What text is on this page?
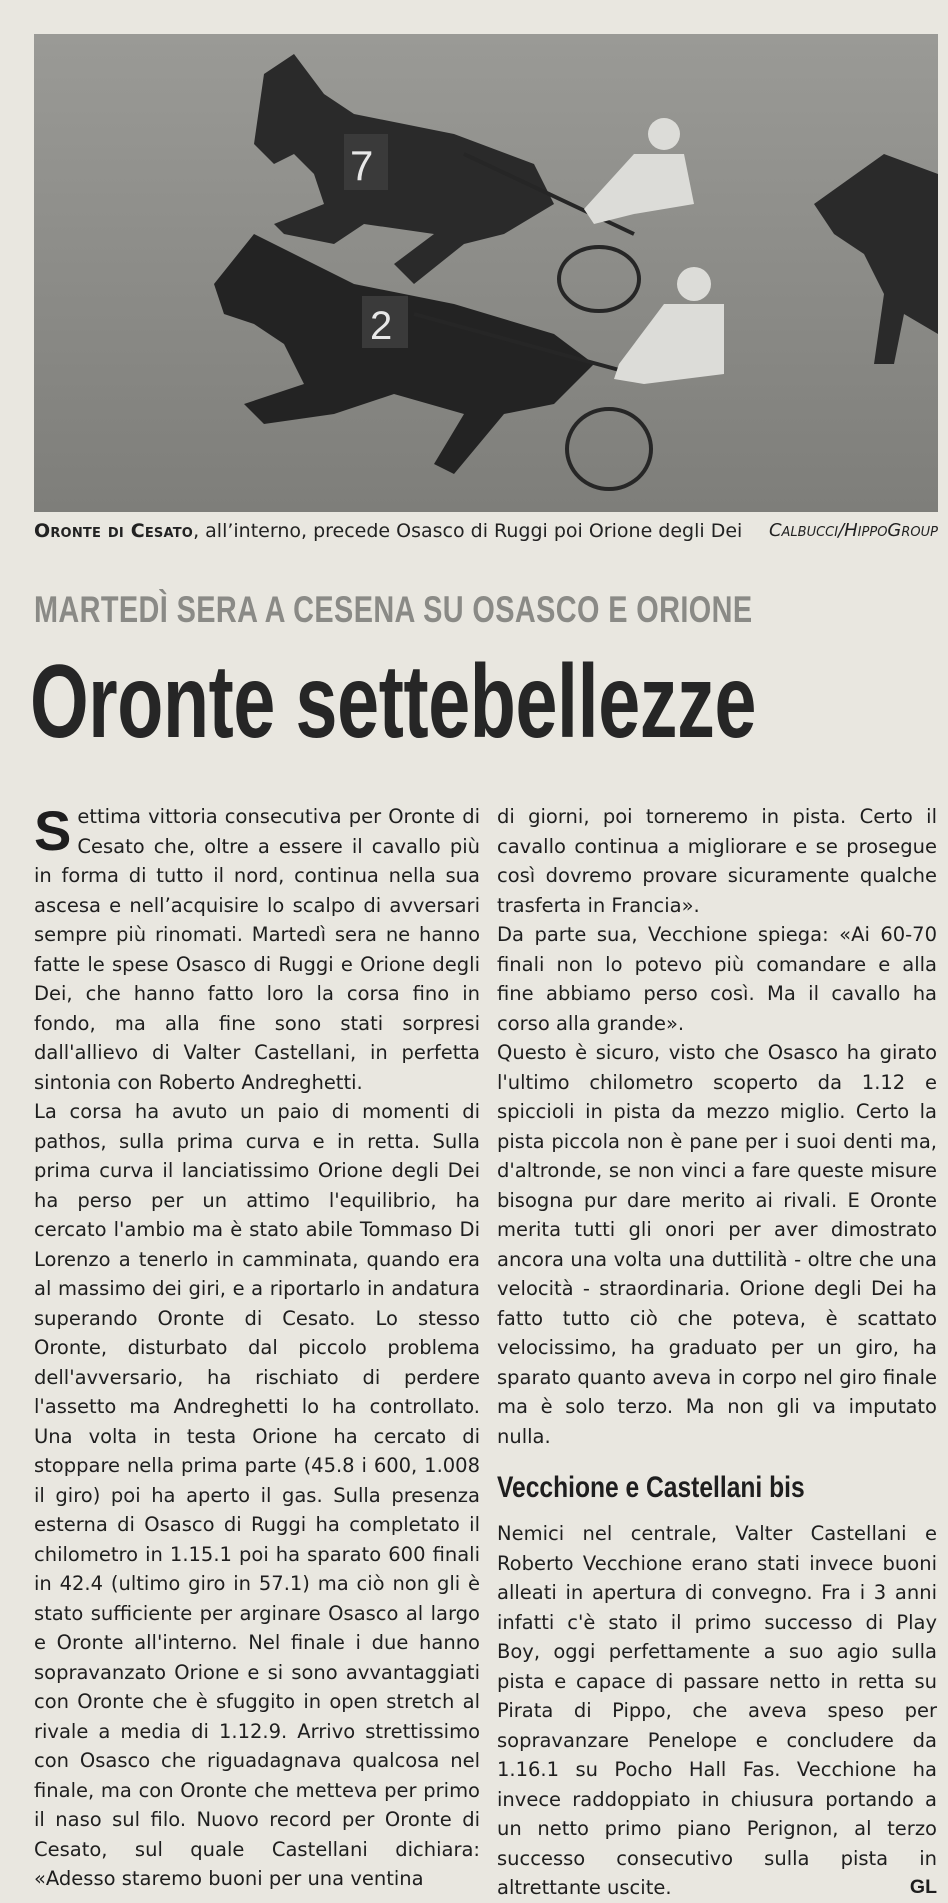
7
2
Oronte di Cesato, all’interno, precede Osasco di Ruggi poi Orione degli Dei Calbucci/HippoGroup
MARTEDÌ SERA A CESENA SU OSASCO E ORIONE
Oronte settebellezze

Settima vittoria consecutiva per Oronte di Cesato che, oltre a essere il cavallo più in forma di tutto il nord, continua nella sua ascesa e nell’acquisire lo scalpo di avversari sempre più rinomati. Martedì sera ne hanno fatte le spese Osasco di Ruggi e Orione degli Dei, che hanno fatto loro la corsa fino in fondo, ma alla fine sono stati sorpresi dall'allievo di Valter Castellani, in perfetta sintonia con Roberto Andreghetti.

La corsa ha avuto un paio di momenti di pathos, sulla prima curva e in retta. Sulla prima curva il lanciatissimo Orione degli Dei ha perso per un attimo l'equilibrio, ha cercato l'ambio ma è stato abile Tommaso Di Lorenzo a tenerlo in camminata, quando era al massimo dei giri, e a riportarlo in andatura superando Oronte di Cesato. Lo stesso Oronte, disturbato dal piccolo problema dell'avversario, ha rischiato di perdere l'assetto ma Andreghetti lo ha controllato. Una volta in testa Orione ha cercato di stoppare nella prima parte (45.8 i 600, 1.008 il giro) poi ha aperto il gas. Sulla presenza esterna di Osasco di Ruggi ha completato il chilometro in 1.15.1 poi ha sparato 600 finali in 42.4 (ultimo giro in 57.1) ma ciò non gli è stato sufficiente per arginare Osasco al largo e Oronte all'interno. Nel finale i due hanno sopravanzato Orione e si sono avvantaggiati con Oronte che è sfuggito in open stretch al rivale a media di 1.12.9. Arrivo strettissimo con Osasco che riguadagnava qualcosa nel finale, ma con Oronte che metteva per primo il naso sul filo. Nuovo record per Oronte di Cesato, sul quale Castellani dichiara: «Adesso staremo buoni per una ventina

di giorni, poi torneremo in pista. Certo il cavallo continua a migliorare e se prosegue così dovremo provare sicuramente qualche trasferta in Francia».

Da parte sua, Vecchione spiega: «Ai 60-70 finali non lo potevo più comandare e alla fine abbiamo perso così. Ma il cavallo ha corso alla grande».

Questo è sicuro, visto che Osasco ha girato l'ultimo chilometro scoperto da 1.12 e spiccioli in pista da mezzo miglio. Certo la pista piccola non è pane per i suoi denti ma, d'altronde, se non vinci a fare queste misure bisogna pur dare merito ai rivali. E Oronte merita tutti gli onori per aver dimostrato ancora una volta una duttilità - oltre che una velocità - straordinaria. Orione degli Dei ha fatto tutto ciò che poteva, è scattato velocissimo, ha graduato per un giro, ha sparato quanto aveva in corpo nel giro finale ma è solo terzo. Ma non gli va imputato nulla.

Vecchione e Castellani bis

Nemici nel centrale, Valter Castellani e Roberto Vecchione erano stati invece buoni alleati in apertura di convegno. Fra i 3 anni infatti c'è stato il primo successo di Play Boy, oggi perfettamente a suo agio sulla pista e capace di passare netto in retta su Pirata di Pippo, che aveva speso per sopravanzare Penelope e concludere da 1.16.1 su Pocho Hall Fas. Vecchione ha invece raddoppiato in chiusura portando a un netto primo piano Perignon, al terzo successo consecutivo sulla pista in altrettante uscite.	GL
